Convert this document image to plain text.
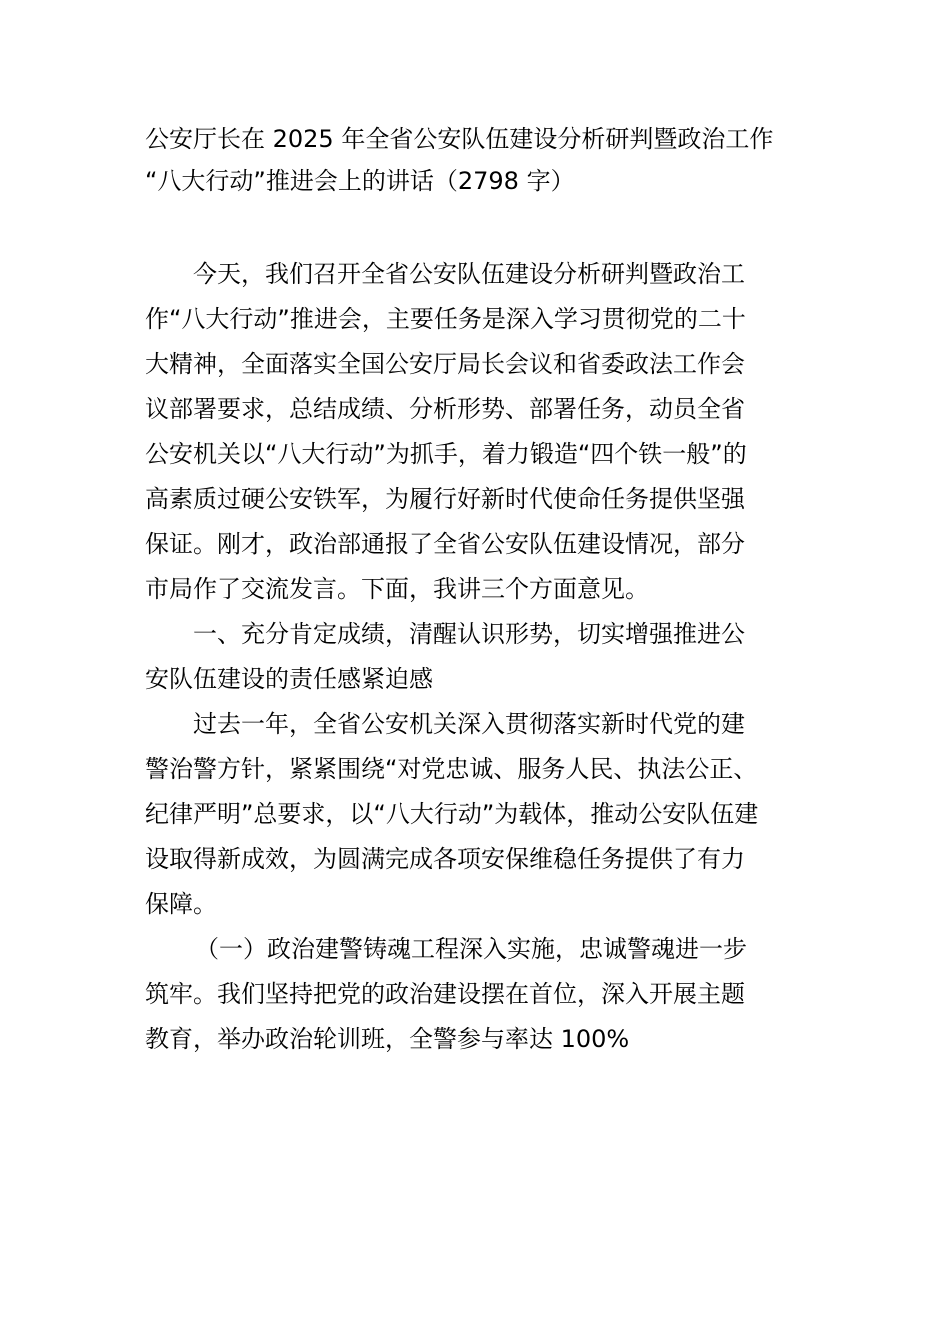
公安厅长在 2025 年全省公安队伍建设分析研判暨政治工作
“八大行动”推进会上的讲话（2798 字）

今天，我们召开全省公安队伍建设分析研判暨政治工
作“八大行动”推进会，主要任务是深入学习贯彻党的二十
大精神，全面落实全国公安厅局长会议和省委政法工作会
议部署要求，总结成绩、分析形势、部署任务，动员全省
公安机关以“八大行动”为抓手，着力锻造“四个铁一般”的
高素质过硬公安铁军，为履行好新时代使命任务提供坚强
保证。刚才，政治部通报了全省公安队伍建设情况，部分
市局作了交流发言。下面，我讲三个方面意见。

一、充分肯定成绩，清醒认识形势，切实增强推进公
安队伍建设的责任感紧迫感

过去一年，全省公安机关深入贯彻落实新时代党的建
警治警方针，紧紧围绕“对党忠诚、服务人民、执法公正、
纪律严明”总要求，以“八大行动”为载体，推动公安队伍建
设取得新成效，为圆满完成各项安保维稳任务提供了有力
保障。

（一）政治建警铸魂工程深入实施，忠诚警魂进一步
筑牢。我们坚持把党的政治建设摆在首位，深入开展主题
教育，举办政治轮训班，全警参与率达 100%
